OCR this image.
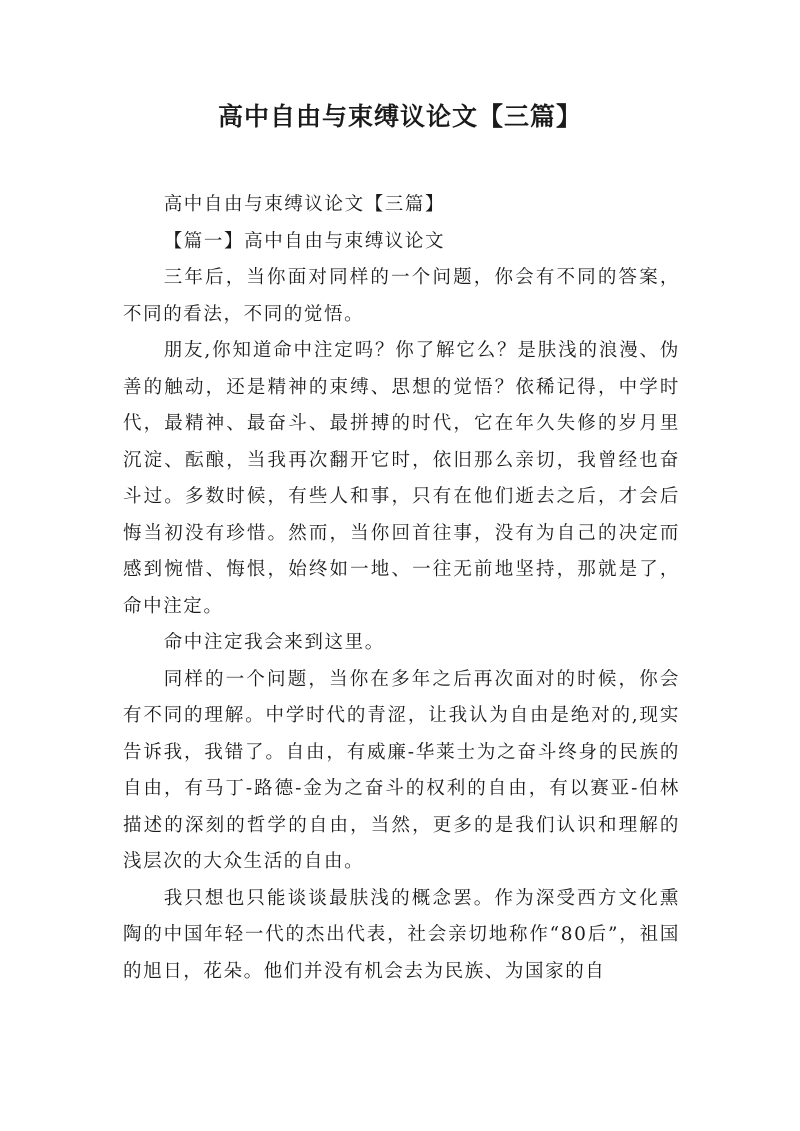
高中自由与束缚议论文【三篇】

高中自由与束缚议论文【三篇】

【篇一】高中自由与束缚议论文

三年后，当你面对同样的一个问题，你会有不同的答案，不同的看法，不同的觉悟。

朋友,你知道命中注定吗？你了解它么？是肤浅的浪漫、伪善的触动，还是精神的束缚、思想的觉悟？依稀记得，中学时代，最精神、最奋斗、最拼搏的时代，它在年久失修的岁月里沉淀、酝酿，当我再次翻开它时，依旧那么亲切，我曾经也奋斗过。多数时候，有些人和事，只有在他们逝去之后，才会后悔当初没有珍惜。然而，当你回首往事，没有为自己的决定而感到惋惜、悔恨，始终如一地、一往无前地坚持，那就是了，命中注定。

命中注定我会来到这里。

同样的一个问题，当你在多年之后再次面对的时候，你会有不同的理解。中学时代的青涩，让我认为自由是绝对的,现实告诉我，我错了。自由，有威廉-华莱士为之奋斗终身的民族的自由，有马丁-路德-金为之奋斗的权利的自由，有以赛亚-伯林描述的深刻的哲学的自由，当然，更多的是我们认识和理解的浅层次的大众生活的自由。

我只想也只能谈谈最肤浅的概念罢。作为深受西方文化熏陶的中国年轻一代的杰出代表，社会亲切地称作“80后”，祖国的旭日，花朵。他们并没有机会去为民族、为国家的自
